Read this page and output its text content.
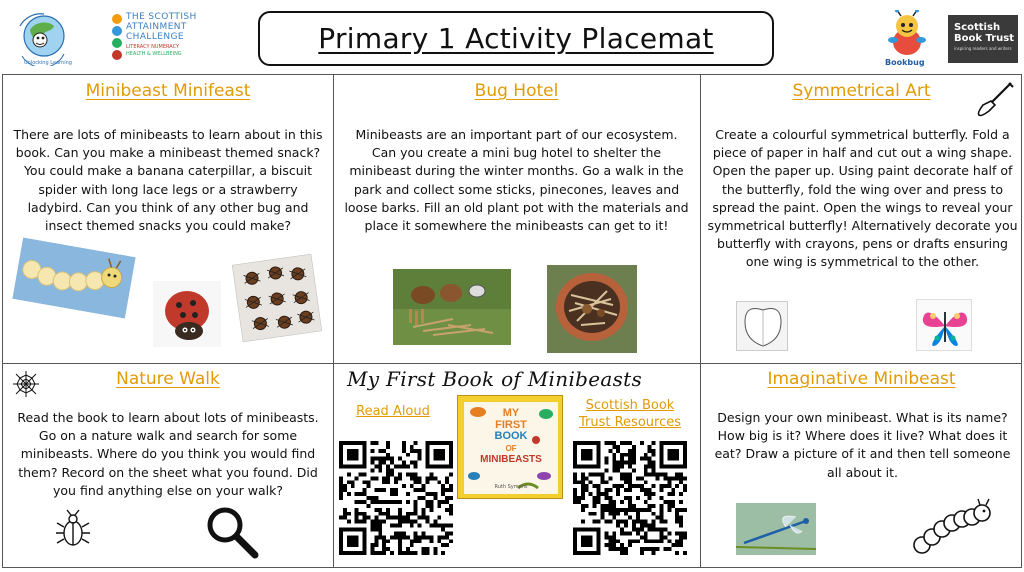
Unlocking Learning
THE SCOTTISH
ATTAINMENT
CHALLENGE
LITERACY NUMERACY
HEALTH & WELLBEING	Primary 1 Activity Placemat
Bookbug
Scottish
Book Trust
inspiring readers and writers
Minibeast Minifeast
There are lots of minibeasts to learn about in this book. Can you make a minibeast themed snack? You could make a banana caterpillar, a biscuit spider with long lace legs or a strawberry ladybird. Can you think of any other bug and insect themed snacks you could make?
Bug Hotel
Minibeasts are an important part of our ecosystem. Can you create a mini bug hotel to shelter the minibeast during the winter months. Go a walk in the park and collect some sticks, pinecones, leaves and loose barks. Fill an old plant pot with the materials and place it somewhere the minibeasts can get to it!
Symmetrical Art
Create a colourful symmetrical butterfly. Fold a piece of paper in half and cut out a wing shape. Open the paper up. Using paint decorate half of the butterfly, fold the wing over and press to spread the paint. Open the wings to reveal your symmetrical butterfly! Alternatively decorate you butterfly with crayons, pens or drafts ensuring one wing is symmetrical to the other.
Nature Walk
Read the book to learn about lots of minibeasts. Go on a nature walk and search for some minibeasts. Where do you think you would find them? Record on the sheet what you found. Did you find anything else on your walk?
My First Book of Minibeasts
Read Aloud	Scottish Book
Trust Resources
MY
FIRST
BOOK
OF
MINIBEASTS
Ruth Symons
Imaginative Minibeast
Design your own minibeast. What is its name? How big is it? Where does it live? What does it eat? Draw a picture of it and then tell someone all about it.
